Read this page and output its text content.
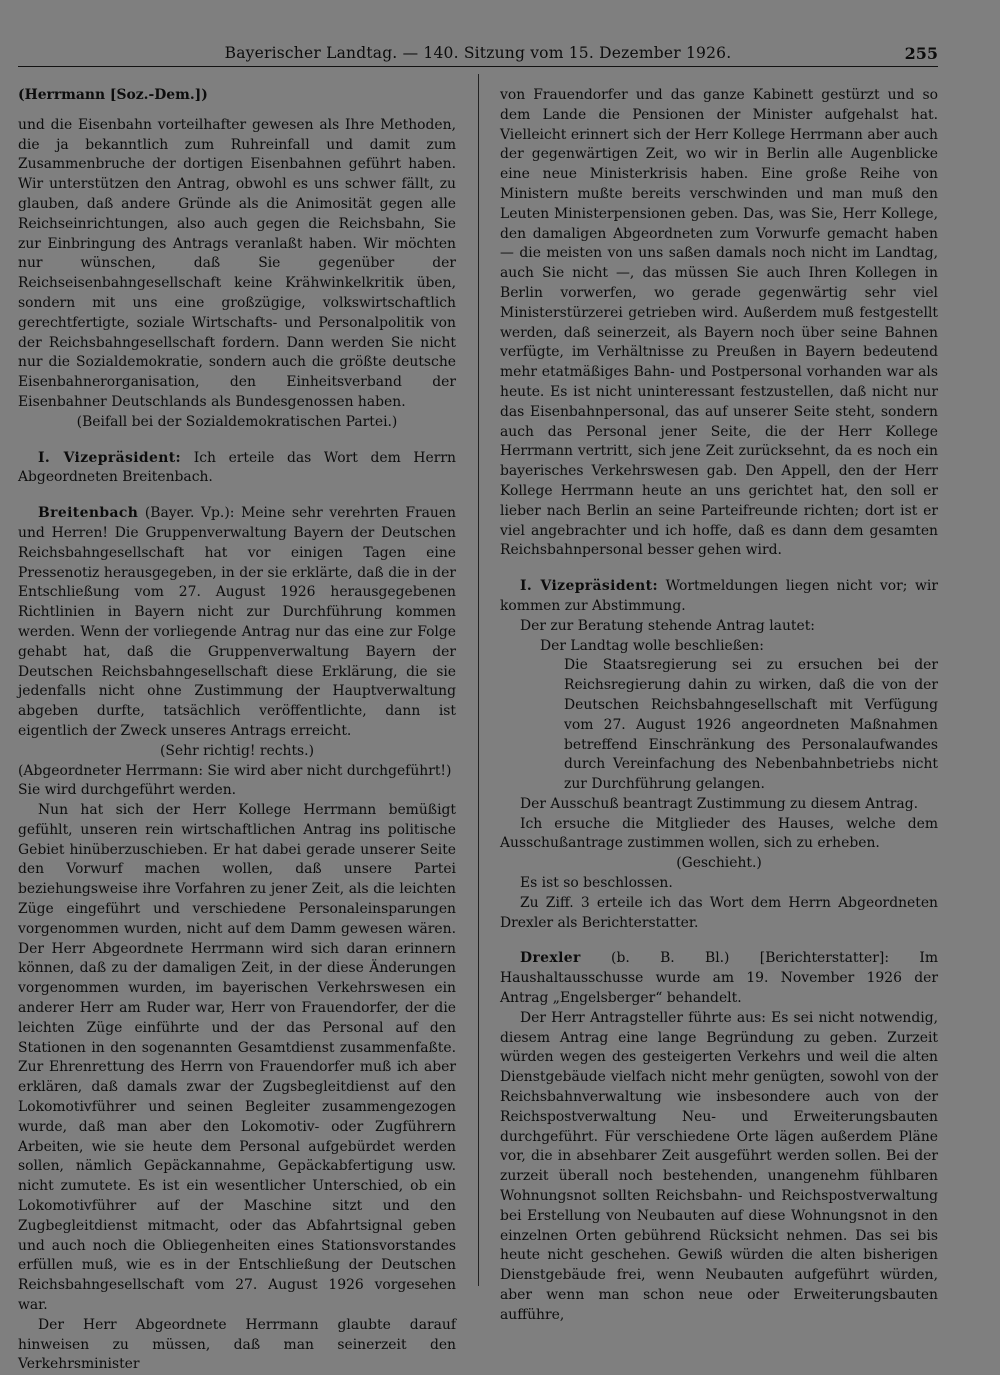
Bayerischer Landtag. — 140. Sitzung vom 15. Dezember 1926.	255

(Herrmann [Soz.-Dem.])

und die Eisenbahn vorteilhafter gewesen als Ihre Methoden, die ja bekanntlich zum Ruhreinfall und damit zum Zusammenbruche der dortigen Eisenbahnen geführt haben. Wir unterstützen den Antrag, obwohl es uns schwer fällt, zu glauben, daß andere Gründe als die Animosität gegen alle Reichseinrichtungen, also auch gegen die Reichsbahn, Sie zur Einbringung des Antrags veranlaßt haben. Wir möchten nur wünschen, daß Sie gegenüber der Reichseisenbahngesellschaft keine Krähwinkelkritik üben, sondern mit uns eine großzügige, volkswirtschaftlich gerechtfertigte, soziale Wirtschafts- und Personalpolitik von der Reichsbahngesellschaft fordern. Dann werden Sie nicht nur die Sozialdemokratie, sondern auch die größte deutsche Eisenbahnerorganisation, den Einheitsverband der Eisenbahner Deutschlands als Bundesgenossen haben.

(Beifall bei der Sozialdemokratischen Partei.)

I. Vizepräsident: Ich erteile das Wort dem Herrn Abgeordneten Breitenbach.

Breitenbach (Bayer. Vp.): Meine sehr verehrten Frauen und Herren! Die Gruppenverwaltung Bayern der Deutschen Reichsbahngesellschaft hat vor einigen Tagen eine Pressenotiz herausgegeben, in der sie erklärte, daß die in der Entschließung vom 27. August 1926 herausgegebenen Richtlinien in Bayern nicht zur Durchführung kommen werden. Wenn der vorliegende Antrag nur das eine zur Folge gehabt hat, daß die Gruppenverwaltung Bayern der Deutschen Reichsbahngesellschaft diese Erklärung, die sie jedenfalls nicht ohne Zustimmung der Hauptverwaltung abgeben durfte, tatsächlich veröffentlichte, dann ist eigentlich der Zweck unseres Antrags erreicht.

(Sehr richtig! rechts.)

(Abgeordneter Herrmann: Sie wird aber nicht durchgeführt!)

Sie wird durchgeführt werden.

Nun hat sich der Herr Kollege Herrmann bemüßigt gefühlt, unseren rein wirtschaftlichen Antrag ins politische Gebiet hinüberzuschieben. Er hat dabei gerade unserer Seite den Vorwurf machen wollen, daß unsere Partei beziehungsweise ihre Vorfahren zu jener Zeit, als die leichten Züge eingeführt und verschiedene Personaleinsparungen vorgenommen wurden, nicht auf dem Damm gewesen wären. Der Herr Abgeordnete Herrmann wird sich daran erinnern können, daß zu der damaligen Zeit, in der diese Änderungen vorgenommen wurden, im bayerischen Verkehrswesen ein anderer Herr am Ruder war, Herr von Frauendorfer, der die leichten Züge einführte und der das Personal auf den Stationen in den sogenannten Gesamtdienst zusammenfaßte. Zur Ehrenrettung des Herrn von Frauendorfer muß ich aber erklären, daß damals zwar der Zugsbegleitdienst auf den Lokomotivführer und seinen Begleiter zusammengezogen wurde, daß man aber den Lokomotiv- oder Zugführern Arbeiten, wie sie heute dem Personal aufgebürdet werden sollen, nämlich Gepäckannahme, Gepäckabfertigung usw. nicht zumutete. Es ist ein wesentlicher Unterschied, ob ein Lokomotivführer auf der Maschine sitzt und den Zugbegleitdienst mitmacht, oder das Abfahrtsignal geben und auch noch die Obliegenheiten eines Stationsvorstandes erfüllen muß, wie es in der Entschließung der Deutschen Reichsbahngesellschaft vom 27. August 1926 vorgesehen war.

Der Herr Abgeordnete Herrmann glaubte darauf hinweisen zu müssen, daß man seinerzeit den Verkehrsminister

von Frauendorfer und das ganze Kabinett gestürzt und so dem Lande die Pensionen der Minister aufgehalst hat. Vielleicht erinnert sich der Herr Kollege Herrmann aber auch der gegenwärtigen Zeit, wo wir in Berlin alle Augenblicke eine neue Ministerkrisis haben. Eine große Reihe von Ministern mußte bereits verschwinden und man muß den Leuten Ministerpensionen geben. Das, was Sie, Herr Kollege, den damaligen Abgeordneten zum Vorwurfe gemacht haben — die meisten von uns saßen damals noch nicht im Landtag, auch Sie nicht —, das müssen Sie auch Ihren Kollegen in Berlin vorwerfen, wo gerade gegenwärtig sehr viel Ministerstürzerei getrieben wird. Außerdem muß festgestellt werden, daß seinerzeit, als Bayern noch über seine Bahnen verfügte, im Verhältnisse zu Preußen in Bayern bedeutend mehr etatmäßiges Bahn- und Postpersonal vorhanden war als heute. Es ist nicht uninteressant festzustellen, daß nicht nur das Eisenbahnpersonal, das auf unserer Seite steht, sondern auch das Personal jener Seite, die der Herr Kollege Herrmann vertritt, sich jene Zeit zurücksehnt, da es noch ein bayerisches Verkehrswesen gab. Den Appell, den der Herr Kollege Herrmann heute an uns gerichtet hat, den soll er lieber nach Berlin an seine Parteifreunde richten; dort ist er viel angebrachter und ich hoffe, daß es dann dem gesamten Reichsbahnpersonal besser gehen wird.

I. Vizepräsident: Wortmeldungen liegen nicht vor; wir kommen zur Abstimmung.

Der zur Beratung stehende Antrag lautet:

Der Landtag wolle beschließen:

Die Staatsregierung sei zu ersuchen bei der Reichsregierung dahin zu wirken, daß die von der Deutschen Reichsbahngesellschaft mit Verfügung vom 27. August 1926 angeordneten Maßnahmen betreffend Einschränkung des Personalaufwandes durch Vereinfachung des Nebenbahnbetriebs nicht zur Durchführung gelangen.

Der Ausschuß beantragt Zustimmung zu diesem Antrag.

Ich ersuche die Mitglieder des Hauses, welche dem Ausschußantrage zustimmen wollen, sich zu erheben.

(Geschieht.)

Es ist so beschlossen.

Zu Ziff. 3 erteile ich das Wort dem Herrn Abgeordneten Drexler als Berichterstatter.

Drexler (b. B. Bl.) [Berichterstatter]: Im Haushaltausschusse wurde am 19. November 1926 der Antrag „Engelsberger“ behandelt.

Der Herr Antragsteller führte aus: Es sei nicht notwendig, diesem Antrag eine lange Begründung zu geben. Zurzeit würden wegen des gesteigerten Verkehrs und weil die alten Dienstgebäude vielfach nicht mehr genügten, sowohl von der Reichsbahnverwaltung wie insbesondere auch von der Reichspostverwaltung Neu- und Erweiterungsbauten durchgeführt. Für verschiedene Orte lägen außerdem Pläne vor, die in absehbarer Zeit ausgeführt werden sollen. Bei der zurzeit überall noch bestehenden, unangenehm fühlbaren Wohnungsnot sollten Reichsbahn- und Reichspostverwaltung bei Erstellung von Neubauten auf diese Wohnungsnot in den einzelnen Orten gebührend Rücksicht nehmen. Das sei bis heute nicht geschehen. Gewiß würden die alten bisherigen Dienstgebäude frei, wenn Neubauten aufgeführt würden, aber wenn man schon neue oder Erweiterungsbauten aufführe,
